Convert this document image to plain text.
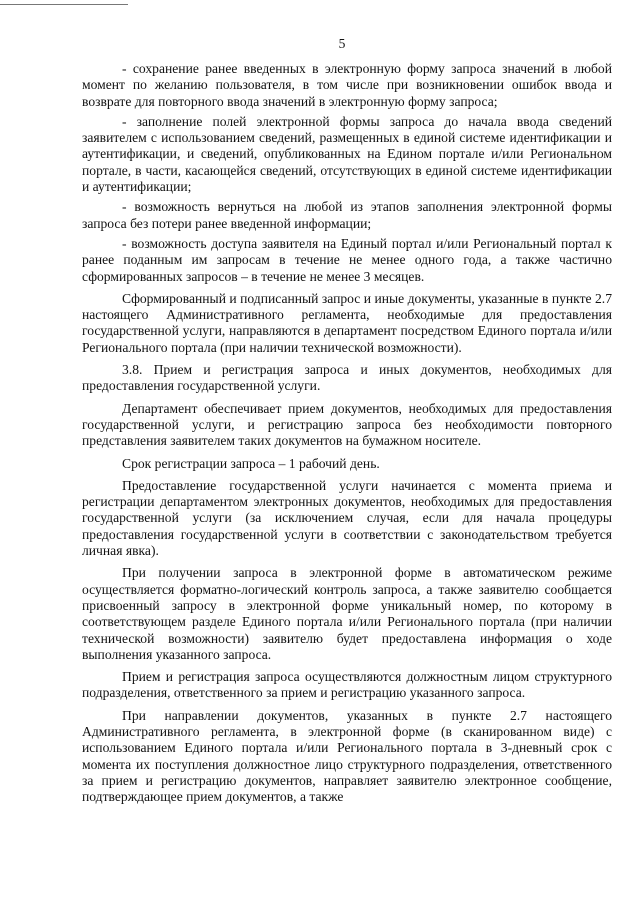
5

- сохранение ранее введенных в электронную форму запроса значений в любой момент по желанию пользователя, в том числе при возникновении ошибок ввода и возврате для повторного ввода значений в электронную форму запроса;

- заполнение полей электронной формы запроса до начала ввода сведений заявителем с использованием сведений, размещенных в единой системе идентификации и аутентификации, и сведений, опубликованных на Едином портале и/или Региональном портале, в части, касающейся сведений, отсутствующих в единой системе идентификации и аутентификации;

- возможность вернуться на любой из этапов заполнения электронной формы запроса без потери ранее введенной информации;

- возможность доступа заявителя на Единый портал и/или Региональный портал к ранее поданным им запросам в течение не менее одного года, а также частично сформированных запросов – в течение не менее 3 месяцев.

Сформированный и подписанный запрос и иные документы, указанные в пункте 2.7 настоящего Административного регламента, необходимые для предоставления государственной услуги, направляются в департамент посредством Единого портала и/или Регионального портала (при наличии технической возможности).

3.8. Прием и регистрация запроса и иных документов, необходимых для предоставления государственной услуги.

Департамент обеспечивает прием документов, необходимых для предоставления государственной услуги, и регистрацию запроса без необходимости повторного представления заявителем таких документов на бумажном носителе.

Срок регистрации запроса – 1 рабочий день.

Предоставление государственной услуги начинается с момента приема и регистрации департаментом электронных документов, необходимых для предоставления государственной услуги (за исключением случая, если для начала процедуры предоставления государственной услуги в соответствии с законодательством требуется личная явка).

При получении запроса в электронной форме в автоматическом режиме осуществляется форматно-логический контроль запроса, а также заявителю сообщается присвоенный запросу в электронной форме уникальный номер, по которому в соответствующем разделе Единого портала и/или Регионального портала (при наличии технической возможности) заявителю будет предоставлена информация о ходе выполнения указанного запроса.

Прием и регистрация запроса осуществляются должностным лицом структурного подразделения, ответственного за прием и регистрацию указанного запроса.

При направлении документов, указанных в пункте 2.7 настоящего Административного регламента, в электронной форме (в сканированном виде) с использованием Единого портала и/или Регионального портала в 3-дневный срок с момента их поступления должностное лицо структурного подразделения, ответственного за прием и регистрацию документов, направляет заявителю электронное сообщение, подтверждающее прием документов, а также
